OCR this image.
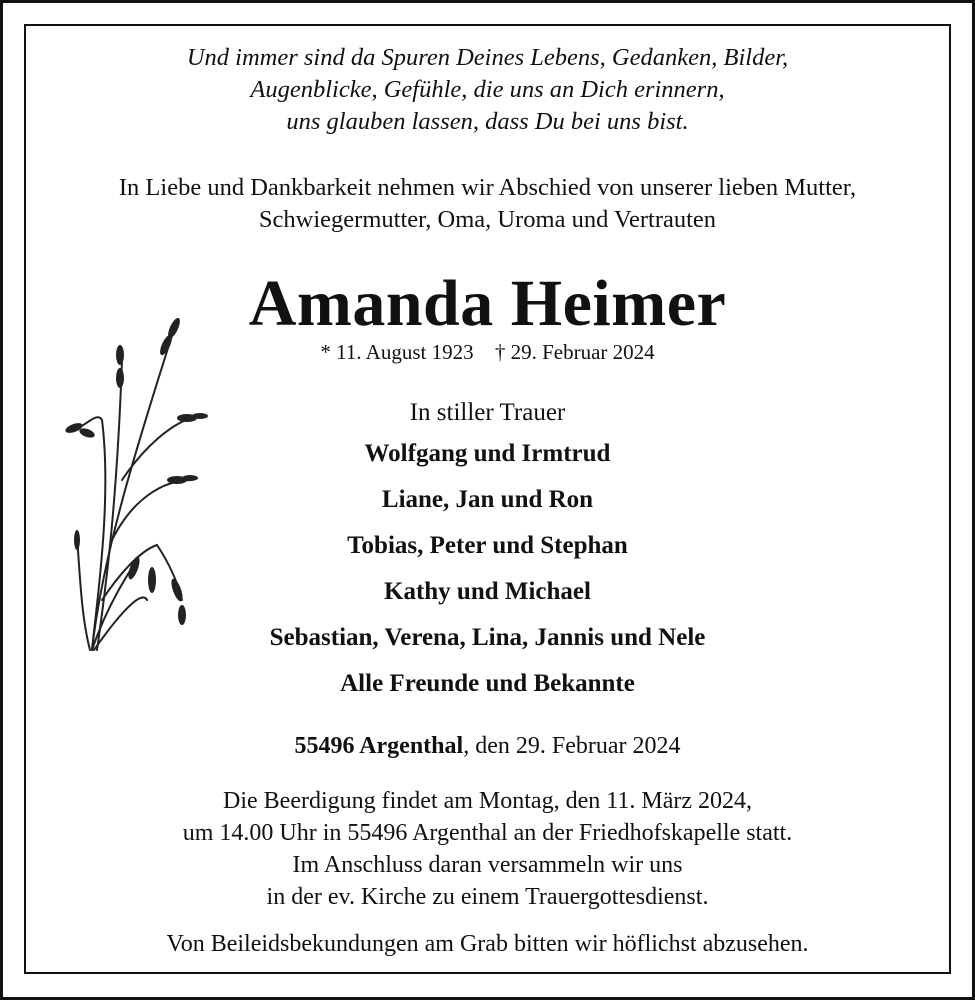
Und immer sind da Spuren Deines Lebens, Gedanken, Bilder,
Augenblicke, Gefühle, die uns an Dich erinnern,
uns glauben lassen, dass Du bei uns bist.
In Liebe und Dankbarkeit nehmen wir Abschied von unserer lieben Mutter,
Schwiegermutter, Oma, Uroma und Vertrauten
Amanda Heimer
* 11. August 1923 † 29. Februar 2024
In stiller Trauer
Wolfgang und Irmtrud
Liane, Jan und Ron
Tobias, Peter und Stephan
Kathy und Michael
Sebastian, Verena, Lina, Jannis und Nele
Alle Freunde und Bekannte
55496 Argenthal, den 29. Februar 2024
Die Beerdigung findet am Montag, den 11. März 2024,
um 14.00 Uhr in 55496 Argenthal an der Friedhofskapelle statt.
Im Anschluss daran versammeln wir uns
in der ev. Kirche zu einem Trauergottesdienst.
Von Beileidsbekundungen am Grab bitten wir höflichst abzusehen.
